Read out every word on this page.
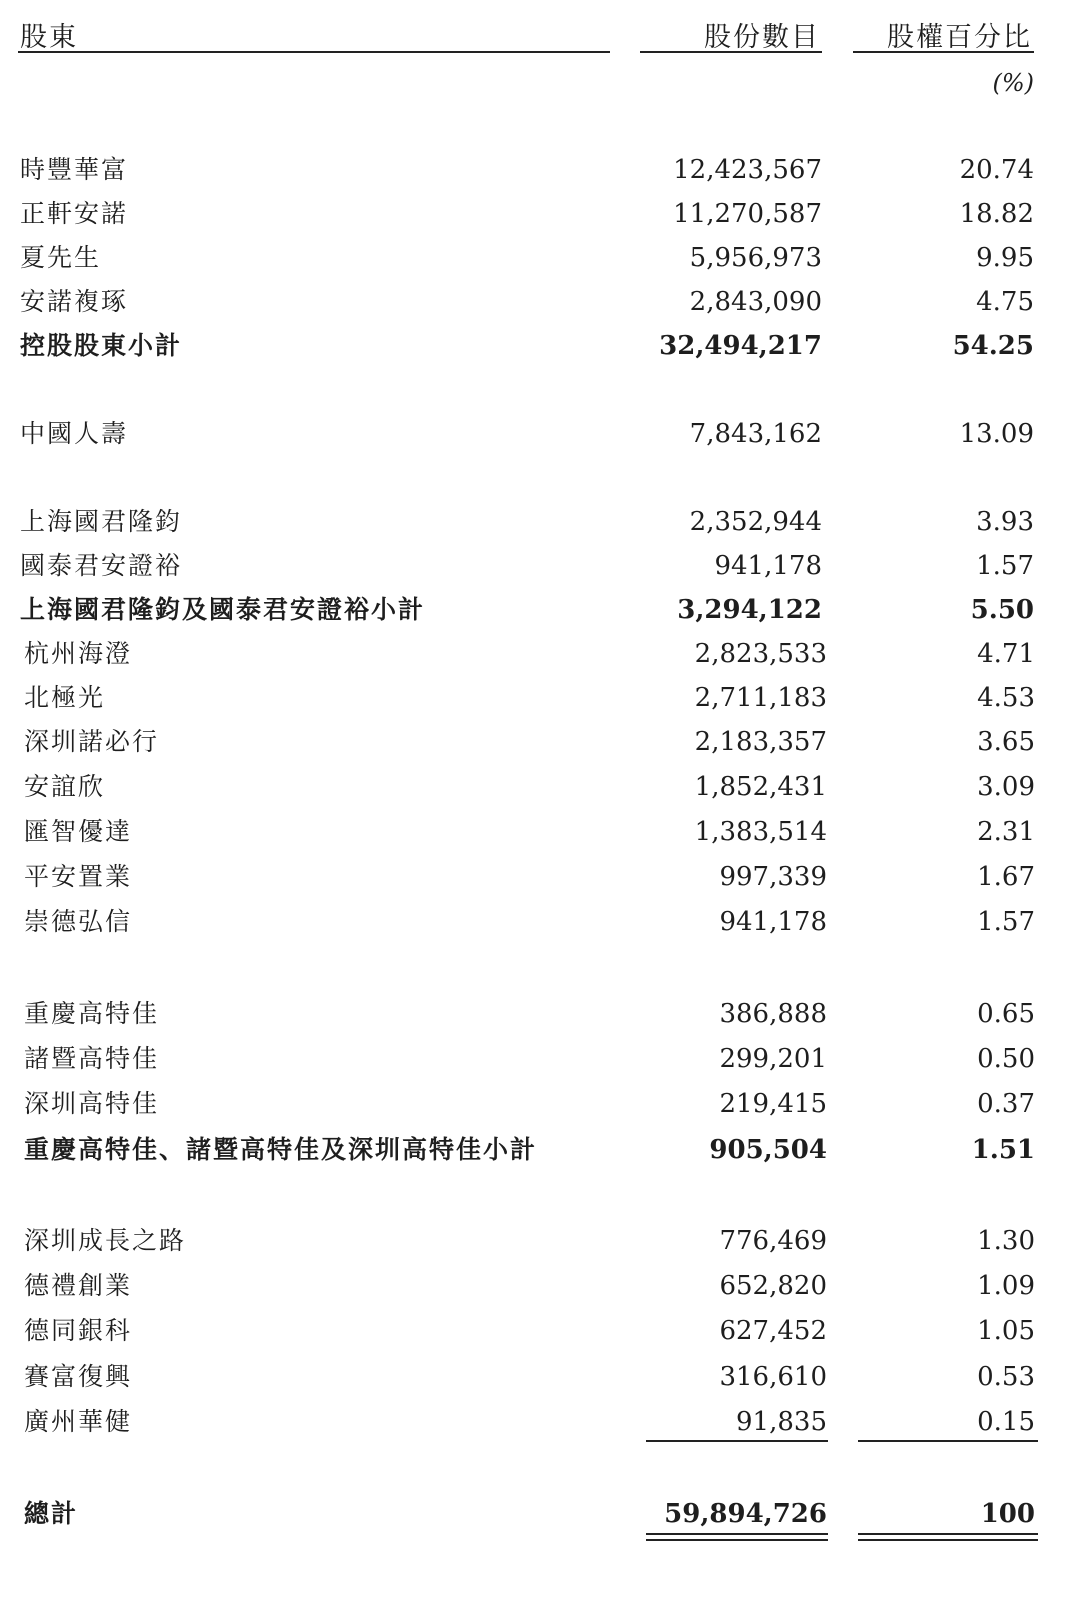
股東	股份數目	股權百分比
(%)
時豐華富	12,423,567	20.74
正軒安諾	11,270,587	18.82
夏先生	5,956,973	9.95
安諾複琢	2,843,090	4.75
控股股東小計	32,494,217	54.25
中國人壽	7,843,162	13.09
上海國君隆鈞	2,352,944	3.93
國泰君安證裕	941,178	1.57
上海國君隆鈞及國泰君安證裕小計	3,294,122	5.50
杭州海澄	2,823,533	4.71
北極光	2,711,183	4.53
深圳諾必行	2,183,357	3.65
安誼欣	1,852,431	3.09
匯智優達	1,383,514	2.31
平安置業	997,339	1.67
崇德弘信	941,178	1.57
重慶高特佳	386,888	0.65
諸暨高特佳	299,201	0.50
深圳高特佳	219,415	0.37
重慶高特佳、諸暨高特佳及深圳高特佳小計	905,504	1.51
深圳成長之路	776,469	1.30
德禮創業	652,820	1.09
德同銀科	627,452	1.05
賽富復興	316,610	0.53
廣州華健	91,835	0.15
總計	59,894,726	100
